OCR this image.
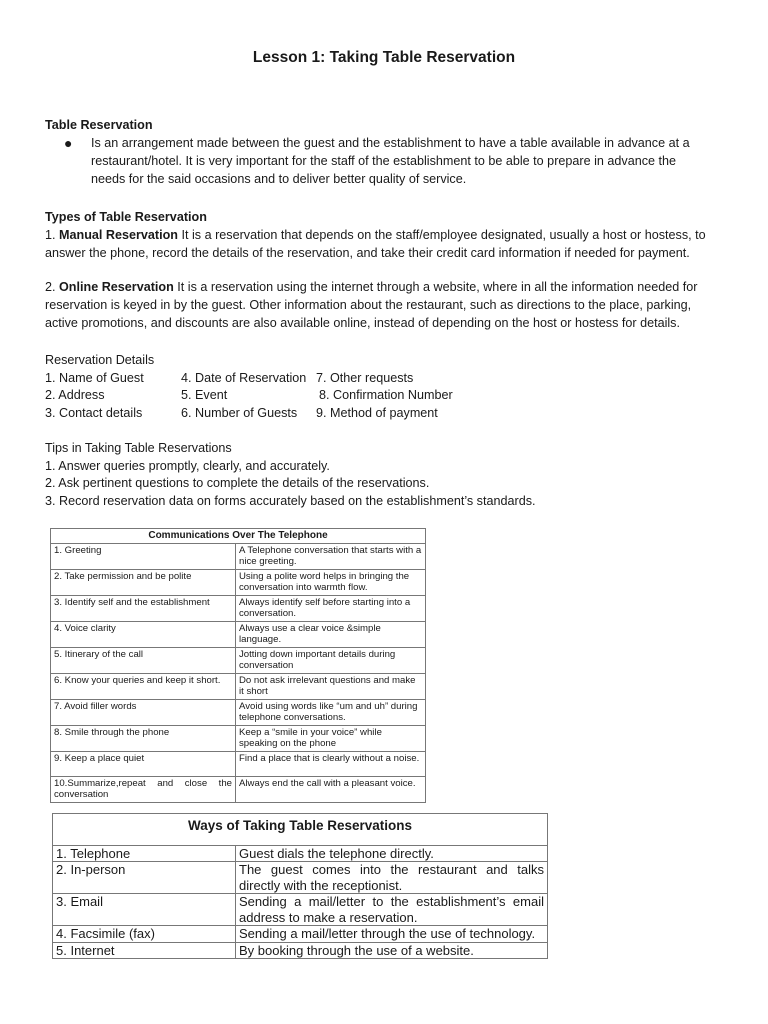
Lesson 1: Taking Table Reservation
Table Reservation
● Is an arrangement made between the guest and the establishment to have a table available in advance at a restaurant/hotel. It is very important for the staff of the establishment to be able to prepare in advance the needs for the said occasions and to deliver better quality of service.
Types of Table Reservation
1. Manual Reservation It is a reservation that depends on the staff/employee designated, usually a host or hostess, to answer the phone, record the details of the reservation, and take their credit card information if needed for payment.
2. Online Reservation It is a reservation using the internet through a website, where in all the information needed for reservation is keyed in by the guest. Other information about the restaurant, such as directions to the place, parking, active promotions, and discounts are also available online, instead of depending on the host or hostess for details.
Reservation Details
1. Name of Guest
2. Address
3. Contact details
4. Date of Reservation
5. Event
6. Number of Guests
7. Other requests
8. Confirmation Number
9. Method of payment
Tips in Taking Table Reservations
1. Answer queries promptly, clearly, and accurately.
2. Ask pertinent questions to complete the details of the reservations.
3. Record reservation data on forms accurately based on the establishment’s standards.
Communications Over The Telephone	
1. Greeting	A Telephone conversation that starts with a nice greeting.
2. Take permission and be polite	Using a polite word helps in bringing the conversation into warmth flow.
3. Identify self and the establishment	Always identify self before starting into a conversation.
4. Voice clarity	Always use a clear voice &simple language.
5. Itinerary of the call	Jotting down important details during conversation
6. Know your queries and keep it short.	Do not ask irrelevant questions and make it short
7. Avoid filler words	Avoid using words like “um and uh” during telephone conversations.
8. Smile through the phone	Keep a “smile in your voice” while speaking on the phone
9. Keep a place quiet	Find a place that is clearly without a noise.
10.Summarize,repeat and close the conversation	Always end the call with a pleasant voice.
Ways of Taking Table Reservations	
1. Telephone	Guest dials the telephone directly.
2. In-person	The guest comes into the restaurant and talks directly with the receptionist.
3. Email	Sending a mail/letter to the establishment’s email address to make a reservation.
4. Facsimile (fax)	Sending a mail/letter through the use of technology.
5. Internet	By booking through the use of a website.
